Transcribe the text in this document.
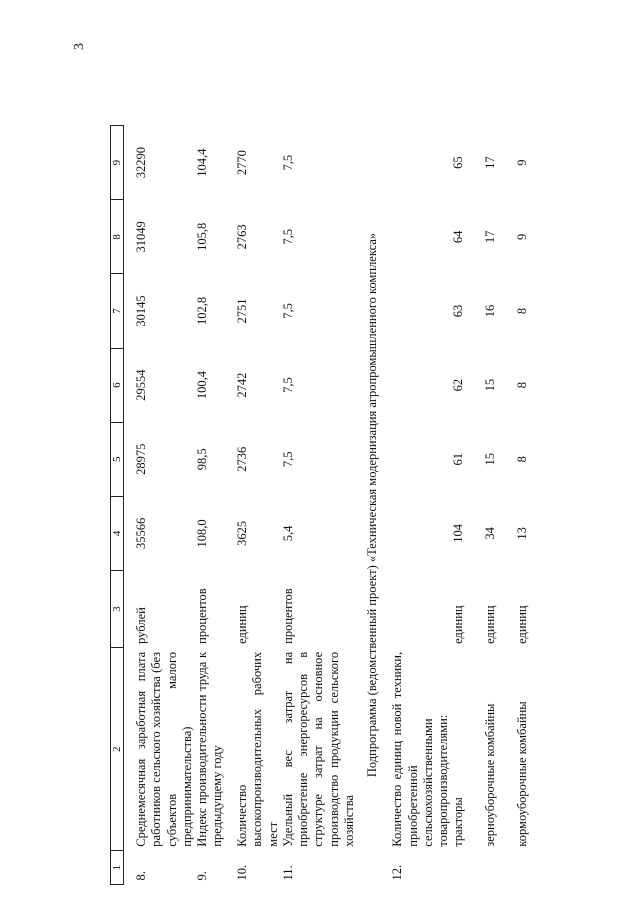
3
1	2	3	4	5	6	7	8	9
8.	Среднемесячная заработная плата работников сельского хозяйства (без субъектов малого предпринимательства)	рублей	35566	28975	29554	30145	31049	32290
9.	Индекс производительности труда к предыдущему году	процентов	108,0	98,5	100,4	102,8	105,8	104,4
10.	Количество высокопроизводительных рабочих мест	единиц	3625	2736	2742	2751	2763	2770
11.	Удельный вес затрат на приобретение энергоресурсов в структуре затрат на основное производство продукции сельского хозяйства	процентов	5,4	7,5	7,5	7,5	7,5	7,5
Подпрограмма (ведомственный проект) «Техническая модернизация агропромышленного комплекса»								
12.	Количество единиц новой техники, приобретенной сельскохозяйственными товаропроизводителями:							
	тракторы	единиц	104	61	62	63	64	65
	зерноуборочные комбайны	единиц	34	15	15	16	17	17
	кормоуборочные комбайны	единиц	13	8	8	8	9	9
